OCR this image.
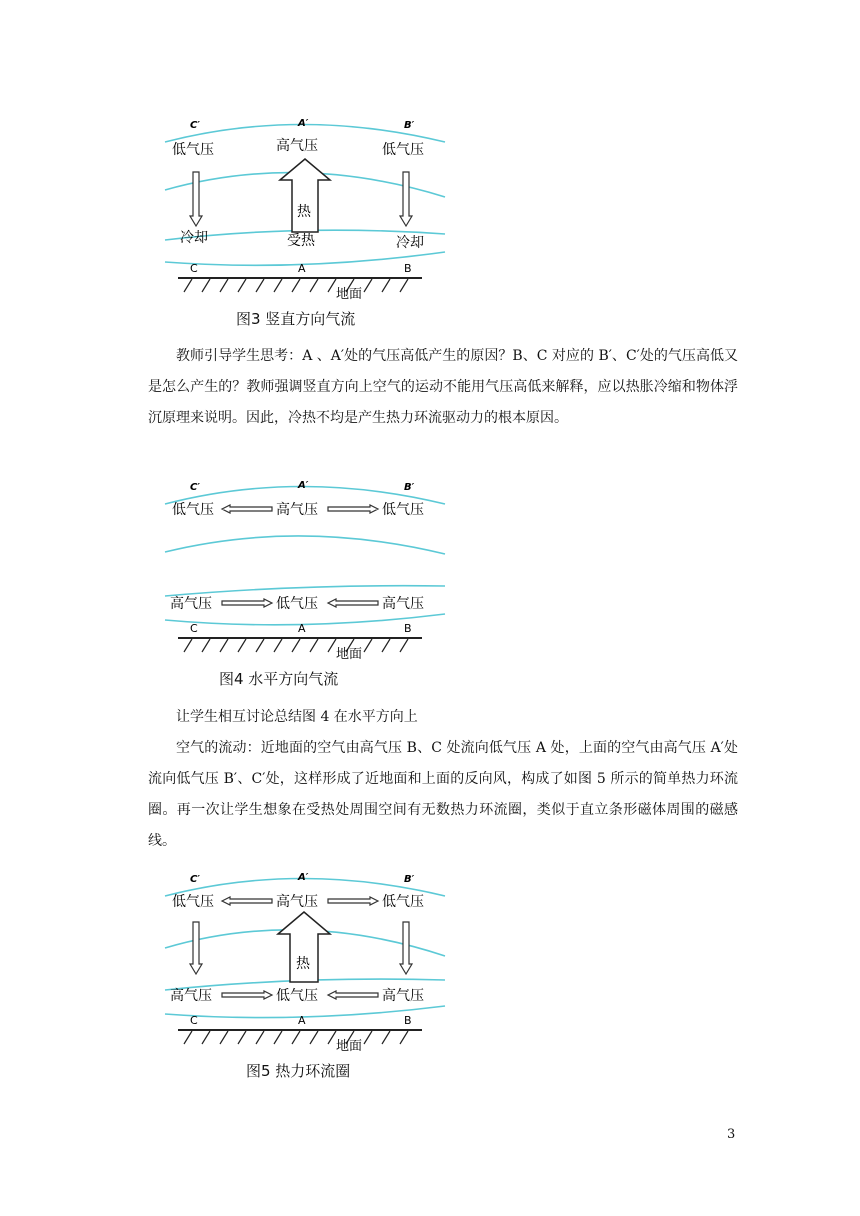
C′	A′	B′
低气压	高气压	低气压
热
冷却	受热	冷却
C	A	B
地面
图3 竖直方向气流

教师引导学生思考：A 、A′处的气压高低产生的原因？B、C 对应的 B′、C′处的气压高低又是怎么产生的？教师强调竖直方向上空气的运动不能用气压高低来解释，应以热胀冷缩和物体浮沉原理来说明。因此，冷热不均是产生热力环流驱动力的根本原因。

C′	A′	B′
低气压	高气压	低气压
高气压	低气压	高气压
C	A	B
地面
图4 水平方向气流

让学生相互讨论总结图 4 在水平方向上

空气的流动：近地面的空气由高气压 B、C 处流向低气压 A 处，上面的空气由高气压 A′处流向低气压 B′、C′处，这样形成了近地面和上面的反向风，构成了如图 5 所示的简单热力环流圈。再一次让学生想象在受热处周围空间有无数热力环流圈，类似于直立条形磁体周围的磁感线。

C′	A′	B′
低气压	高气压	低气压
热
高气压	低气压	高气压
C	A	B
地面
图5 热力环流圈
3
